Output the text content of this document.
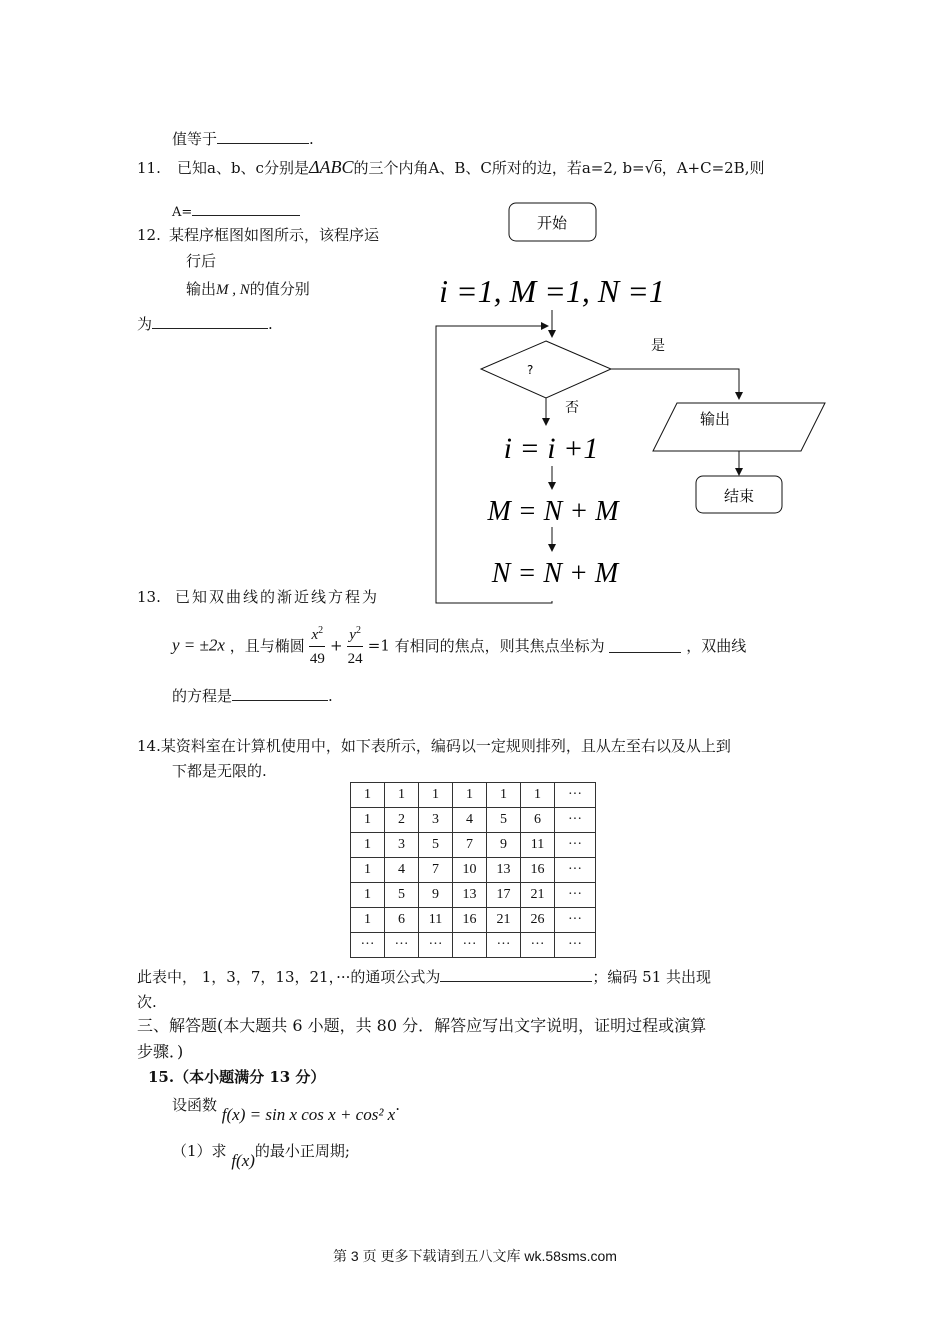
值等于	.
11. 已知a、b、c分别是ΔABC的三个内角A、B、C所对的边，若a=2, b=√6，A+C=2B,则
A=
12. 某程序框图如图所示，该程序运
行后
输出M , N的值分别
为	.
开始
i =1, M =1, N =1
?
是
否
i = i +1
M = N + M
N = N + M
输出
结束
13. 已知双曲线的渐近线方程为
y = ±2x ，且与椭圆 $\frac{x^2}{49} + \frac{y^2}{24} =1$ 有相同的焦点，则其焦点坐标为	，双曲线
的方程是	.
14.某资料室在计算机使用中，如下表所示，编码以一定规则排列，且从左至右以及从上到
下都是无限的.
1	1	1	1	1	1	···
1	2	3	4	5	6	···
1	3	5	7	9	11	···
1	4	7	10	13	16	···
1	5	9	13	17	21	···
1	6	11	16	21	26	···
···	···	···	···	···	···	···
此表中， 1，3，7，13，21，···的通项公式为	；编码 51 共出现
次.
三、解答题(本大题共 6 小题，共 80 分．解答应写出文字说明，证明过程或演算
步骤．)
15.（本小题满分 13 分）
设函数 f(x) = sin x cos x + cos² x.
（1）求 f(x)的最小正周期;
第 3 页 更多下载请到五八文库 wk.58sms.com
